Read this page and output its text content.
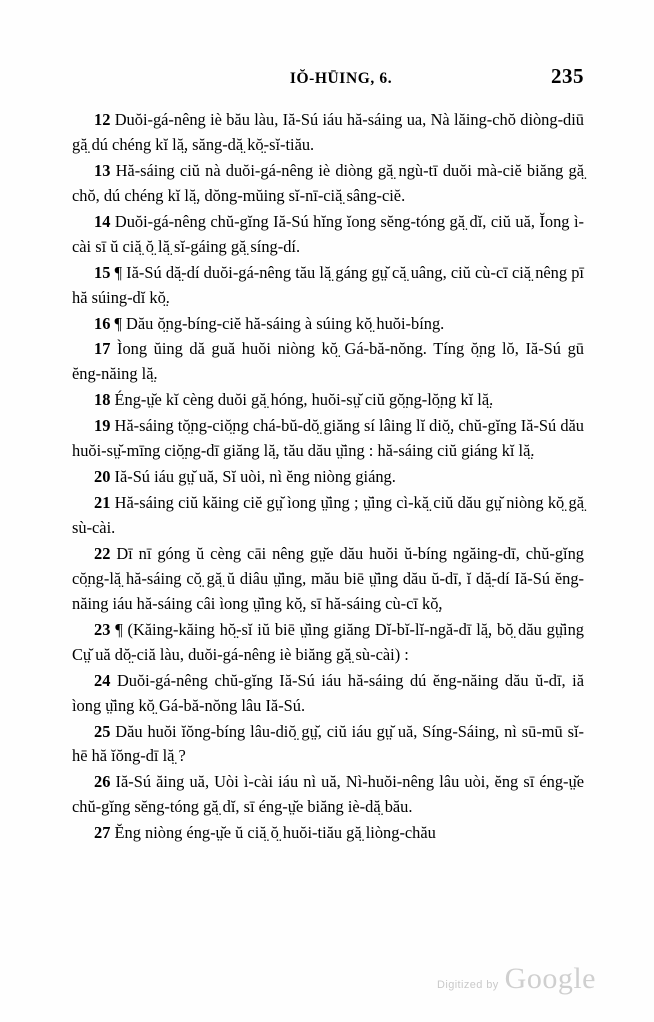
IŎ-HŪING, 6.	235

12 Duŏi-gá-nêng iè bău làu, Iă-Sú iáu hă-sáing ua, Nà lăing-chŏ diòng-diū gă̤ dú chéng kĭ lă̤, săng-dă̤ kŏ̤-sĭ-tiău.

13 Hă-sáing ciŭ nà duŏi-gá-nêng iè diòng gă̤ ngù-tī duŏi mà-ciĕ biăng gă̤ chŏ, dú chéng kĭ lă̤, dŏng-mŭing sĭ-nī-ciă̤ sâng-ciĕ.

14 Duŏi-gá-nêng chŭ-gĭng Iă-Sú hĭng ĭong sĕng-tóng gă̤ dĭ, ciŭ uă, Ĭong ì-cài sī ŭ ciă̤ ŏ̤ lă̤ sĭ-gáing gă̤ síng-dí.

15 ¶ Iă-Sú dă̤-dí duŏi-gá-nêng tău lă̤ gáng gṳ̆ că̤ uâng, ciŭ cù-cī ciă̤ nêng pī hă súing-dĭ kŏ̤.

16 ¶ Dău ŏ̤ng-bíng-ciĕ hă-sáing à súing kŏ̤ huŏi-bíng.

17 Ìong ŭing dă guă huŏi niòng kŏ̤ Gá-bă-nŏng. Tíng ŏ̤ng lŏ, Iă-Sú gū ĕng-năing lă̤.

18 Éng-ṳ̆e kĭ cèng duŏi gă̤ hóng, huŏi-sṳ̆ ciŭ gŏ̤ng-lŏ̤ng kĭ lă̤.

19 Hă-sáing tŏ̤ng-ciŏ̤ng chá-bŭ-dŏ̤ giăng sí lâing lĭ diŏ̤, chŭ-gĭng Iă-Sú dău huŏi-sṳ̆-mīng ciŏ̤ng-dī giăng lă̤, tău dău ṳ̆ing : hă-sáing ciŭ giáng kĭ lă̤.

20 Iă-Sú iáu gṳ̆ uă, Sĭ uòi, nì ĕng niòng giáng.

21 Hă-sáing ciŭ kăing ciĕ gṳ̆ ìong ṳ̆ing ; ṳ̆ing cì-kă̤ ciŭ dău gṳ̆ niòng kŏ̤ gă̤ sù-cài.

22 Dī nī góng ŭ cèng cāi nêng gṳ̆e dău huŏi ŭ-bíng ngăing-dī, chŭ-gĭng cŏ̤ng-lă̤ hă-sáing cŏ̤ gă̤ ŭ diâu ṳ̆ing, mău biē ṳ̆ing dău ŭ-dī, ĭ dă̤-dí Iă-Sú ĕng-năing iáu hă-sáing câi ìong ṳ̆ing kŏ̤, sī hă-sáing cù-cī kŏ̤,

23 ¶ (Kăing-kăing hŏ̤-sĭ iŭ biē ṳ̆ing giăng Dĭ-bĭ-lĭ-ngă-dī lă̤, bŏ̤ dău gṳ̆ing Cṳ̆ uă dŏ̤-ciă làu, duŏi-gá-nêng iè biăng gă̤ sù-cài) :

24 Duŏi-gá-nêng chŭ-gĭng Iă-Sú iáu hă-sáing dú ĕng-năing dău ŭ-dī, iă ìong ṳ̆ing kŏ̤ Gá-bă-nŏng lâu Iă-Sú.

25 Dău huŏi ĭŏng-bíng lâu-diŏ̤ gṳ̆, ciŭ iáu gṳ̆ uă, Síng-Sáing, nì sū-mū sĭ-hē hă ĭŏng-dī lă̤ ?

26 Iă-Sú ăing uă, Uòi ì-cài iáu nì uă, Nì-huŏi-nêng lâu uòi, ĕng sī éng-ṳ̆e chŭ-gĭng sĕng-tóng gă̤ dĭ, sī éng-ṳ̆e biăng iè-dă̤ bău.

27 Ĕng niòng éng-ṳ̆e ŭ ciă̤ ŏ̤ huŏi-tiău gă̤ liòng-chău

Digitized by Google
